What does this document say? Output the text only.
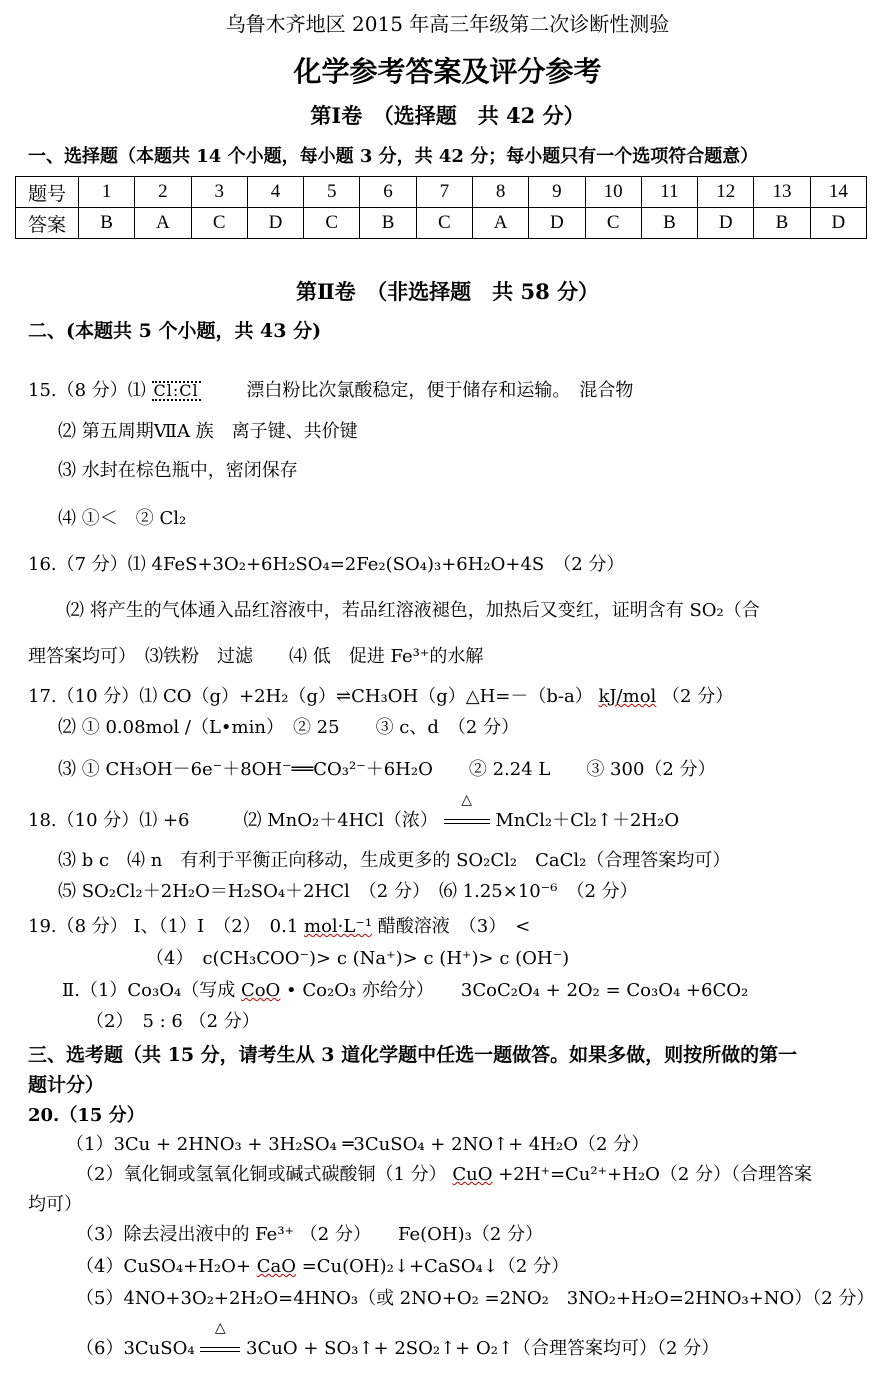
乌鲁木齐地区 2015 年高三年级第二次诊断性测验
化学参考答案及评分参考
第Ⅰ卷　（选择题　共 42 分）
一、选择题（本题共 14 个小题，每小题 3 分，共 42 分；每小题只有一个选项符合题意）
题号	1	2	3	4	5	6	7	8	9	10	11	12	13	14
答案	B	A	C	D	C	B	C	A	D	C	B	D	B	D
第Ⅱ卷　（非选择题　共 58 分）
二、(本题共 5 个小题，共 43 分)
15.（8 分）⑴ Cl:Cl	漂白粉比次氯酸稳定，便于储存和运输。　混合物
⑵ 第五周期ⅦA 族　离子键、共价键
⑶ 水封在棕色瓶中，密闭保存
⑷ ①＜　② Cl₂
16.（7 分）⑴ 4FeS+3O₂+6H₂SO₄=2Fe₂(SO₄)₃+6H₂O+4S　（2 分）
⑵ 将产生的气体通入品红溶液中，若品红溶液褪色，加热后又变红，证明含有 SO₂（合
理答案均可）　⑶铁粉　过滤　　⑷ 低　促进 Fe³⁺的水解
17.（10 分）⑴ CO（g）+2H₂（g）⇌CH₃OH（g）△H=－（b-a） kJ/mol （2 分）
⑵ ① 0.08mol /（L•min）　② 25　　③ c、d　（2 分）
⑶ ① CH₃OH－6e⁻＋8OH⁻══CO₃²⁻＋6H₂O　　② 2.24 L　　③ 300（2 分）
18.（10 分）⑴ +6　　　⑵ MnO₂＋4HCl（浓）
△
MnCl₂＋Cl₂↑＋2H₂O
⑶ b c　⑷ n　有利于平衡正向移动，生成更多的 SO₂Cl₂　CaCl₂（合理答案均可）
⑸ SO₂Cl₂＋2H₂O＝H₂SO₄＋2HCl　（2 分）　⑹ 1.25×10⁻⁶　（2 分）
19.（8 分） Ⅰ、（1）Ⅰ　（2）　0.1 mol·L⁻¹ 醋酸溶液　（3）　<
（4）　c(CH₃COO⁻)> c (Na⁺)> c (H⁺)> c (OH⁻)
Ⅱ.（1）Co₃O₄（写成 CoO • Co₂O₃ 亦给分）　　3CoC₂O₄ + 2O₂ = Co₃O₄ +6CO₂
（2）　5 : 6 （2 分）
三、选考题（共 15 分，请考生从 3 道化学题中任选一题做答。如果多做，则按所做的第一
题计分）
20.（15 分）
（1）3Cu + 2HNO₃ + 3H₂SO₄ ═3CuSO₄ + 2NO↑+ 4H₂O（2 分）
（2）氧化铜或氢氧化铜或碱式碳酸铜（1 分） CuO +2H⁺=Cu²⁺+H₂O（2 分）（合理答案
均可）
（3）除去浸出液中的 Fe³⁺ （2 分）　　Fe(OH)₃（2 分）
（4）CuSO₄+H₂O+ CaO =Cu(OH)₂↓+CaSO₄↓（2 分）
（5）4NO+3O₂+2H₂O=4HNO₃（或 2NO+O₂ =2NO₂　3NO₂+H₂O=2HNO₃+NO）（2 分）
（6）3CuSO₄
△
3CuO + SO₃↑+ 2SO₂↑+ O₂↑（合理答案均可）（2 分）
